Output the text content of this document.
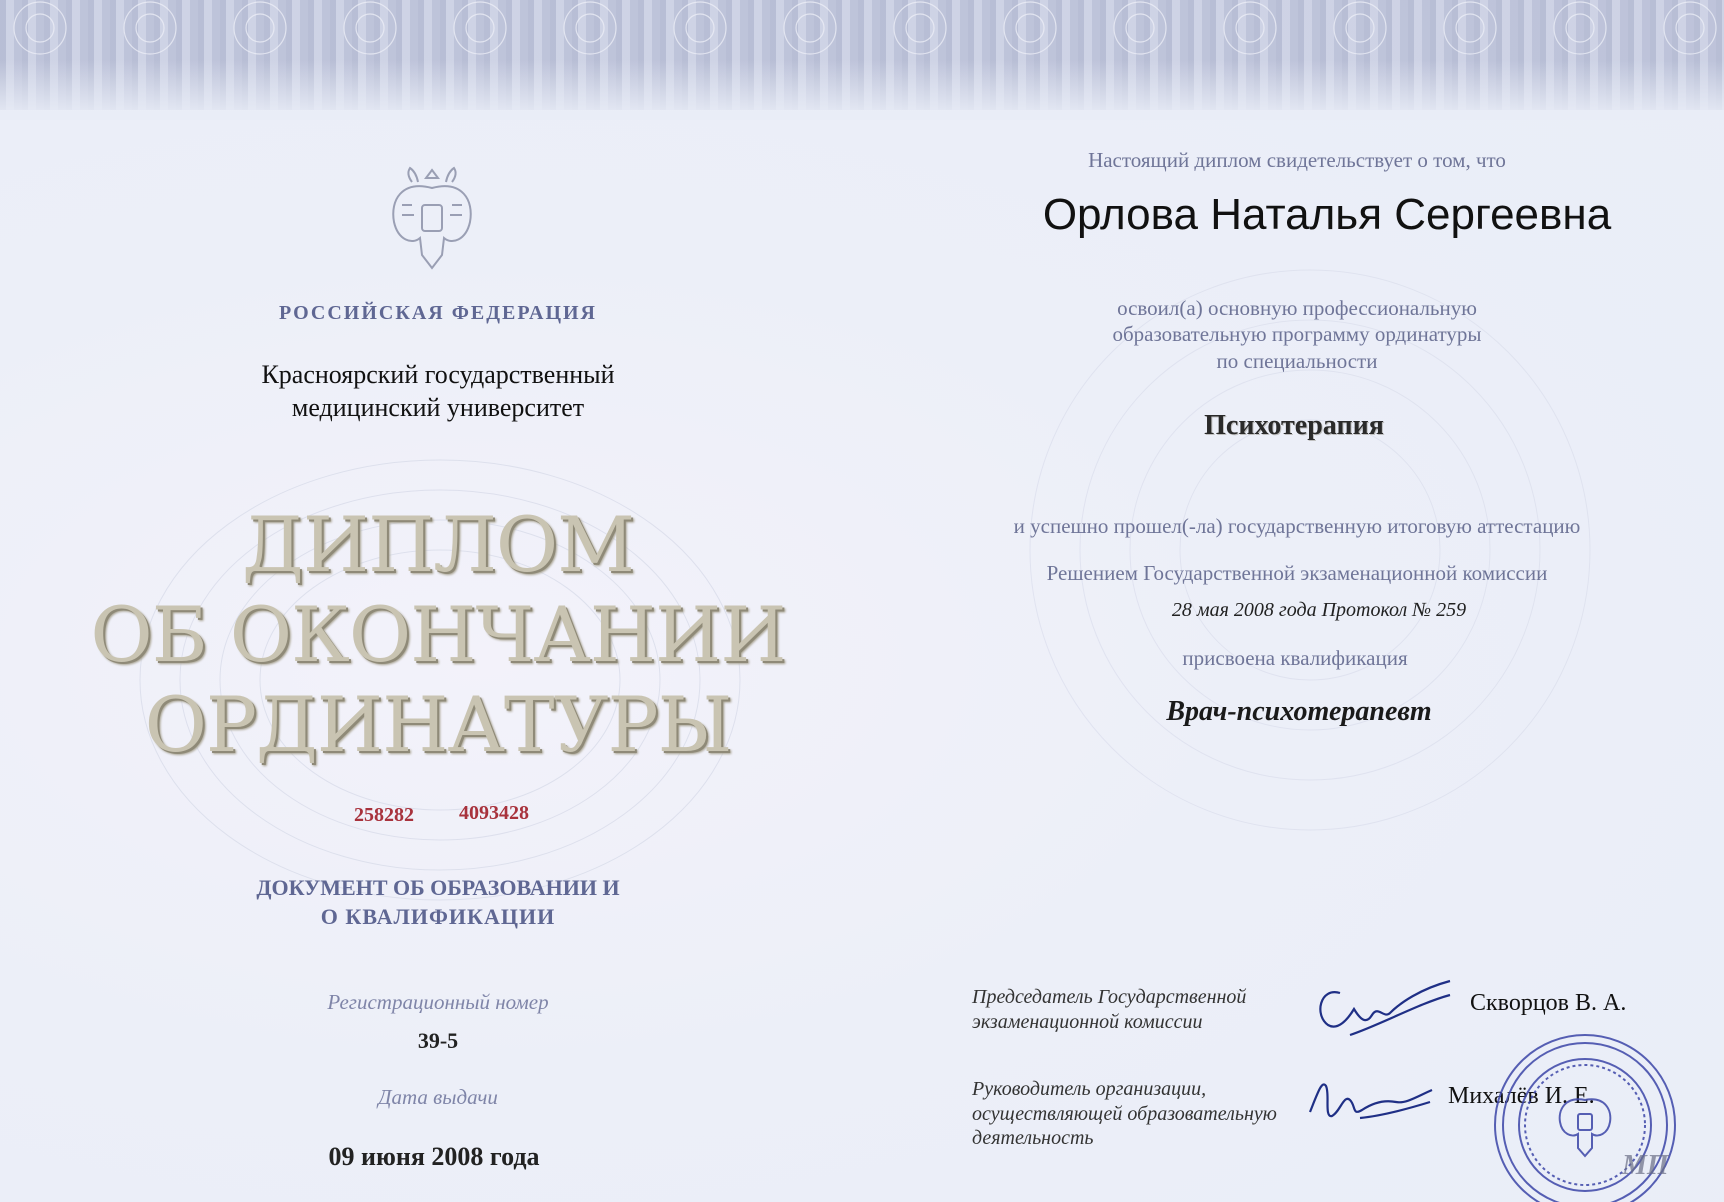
РОССИЙСКАЯ ФЕДЕРАЦИЯ
Красноярский государственный
медицинский университет
ДИПЛОМ
ОБ ОКОНЧАНИИ
ОРДИНАТУРЫ
258282 4093428
ДОКУМЕНТ ОБ ОБРАЗОВАНИИ И
О КВАЛИФИКАЦИИ
Регистрационный номер
39-5
Дата выдачи
09 июня 2008 года
Настоящий диплом свидетельствует о том, что
Орлова Наталья Сергеевна
освоил(а) основную профессиональную
образовательную программу ординатуры
по специальности
Психотерапия
и успешно прошел(-ла) государственную итоговую аттестацию
Решением Государственной экзаменационной комиссии
28 мая 2008 года Протокол № 259
присвоена квалификация
Врач-психотерапевт
Председатель Государственной
экзаменационной комиссии
Скворцов В. А.
Руководитель организации,
осуществляющей образовательную
деятельность
Михалёв И. Е.
МП
